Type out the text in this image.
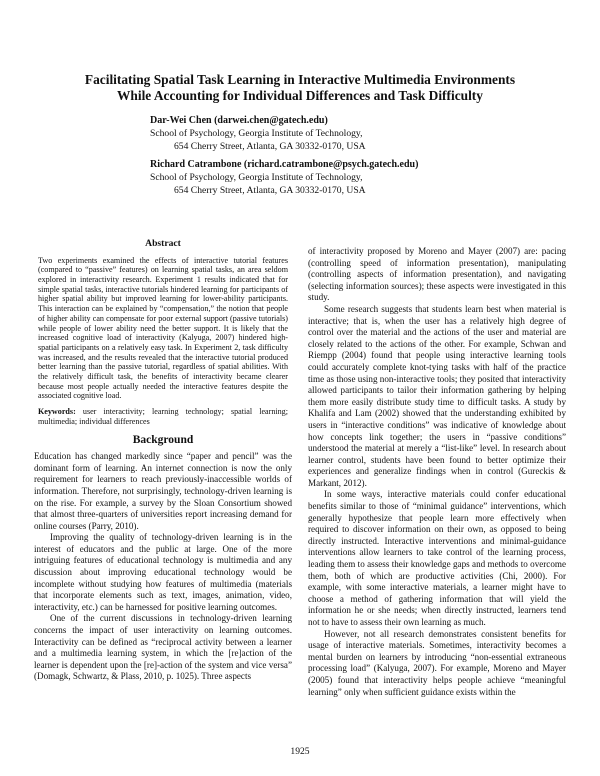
Facilitating Spatial Task Learning in Interactive Multimedia Environments
While Accounting for Individual Differences and Task Difficulty
Dar-Wei Chen (darwei.chen@gatech.edu)
School of Psychology, Georgia Institute of Technology,
654 Cherry Street, Atlanta, GA 30332-0170, USA
Richard Catrambone (richard.catrambone@psych.gatech.edu)
School of Psychology, Georgia Institute of Technology,
654 Cherry Street, Atlanta, GA 30332-0170, USA
Abstract

Two experiments examined the effects of interactive tutorial features (compared to “passive” features) on learning spatial tasks, an area seldom explored in interactivity research. Experiment 1 results indicated that for simple spatial tasks, interactive tutorials hindered learning for participants of higher spatial ability but improved learning for lower-ability participants. This interaction can be explained by “compensation,” the notion that people of higher ability can compensate for poor external support (passive tutorials) while people of lower ability need the better support. It is likely that the increased cognitive load of interactivity (Kalyuga, 2007) hindered high-spatial participants on a relatively easy task. In Experiment 2, task difficulty was increased, and the results revealed that the interactive tutorial produced better learning than the passive tutorial, regardless of spatial abilities. With the relatively difficult task, the benefits of interactivity became clearer because most people actually needed the interactive features despite the associated cognitive load.

Keywords: user interactivity; learning technology; spatial learning; multimedia; individual differences
Background

Education has changed markedly since “paper and pencil” was the dominant form of learning. An internet connection is now the only requirement for learners to reach previously-inaccessible worlds of information. Therefore, not surprisingly, technology-driven learning is on the rise. For example, a survey by the Sloan Consortium showed that almost three-quarters of universities report increasing demand for online courses (Parry, 2010).

Improving the quality of technology-driven learning is in the interest of educators and the public at large. One of the more intriguing features of educational technology is multimedia and any discussion about improving educational technology would be incomplete without studying how features of multimedia (materials that incorporate elements such as text, images, animation, video, interactivity, etc.) can be harnessed for positive learning outcomes.

One of the current discussions in technology-driven learning concerns the impact of user interactivity on learning outcomes. Interactivity can be defined as “reciprocal activity between a learner and a multimedia learning system, in which the [re]action of the learner is dependent upon the [re]-action of the system and vice versa” (Domagk, Schwartz, & Plass, 2010, p. 1025). Three aspects

of interactivity proposed by Moreno and Mayer (2007) are: pacing (controlling speed of information presentation), manipulating (controlling aspects of information presentation), and navigating (selecting information sources); these aspects were investigated in this study.

Some research suggests that students learn best when material is interactive; that is, when the user has a relatively high degree of control over the material and the actions of the user and material are closely related to the actions of the other. For example, Schwan and Riempp (2004) found that people using interactive learning tools could accurately complete knot-tying tasks with half of the practice time as those using non-interactive tools; they posited that interactivity allowed participants to tailor their information gathering by helping them more easily distribute study time to difficult tasks. A study by Khalifa and Lam (2002) showed that the understanding exhibited by users in “interactive conditions” was indicative of knowledge about how concepts link together; the users in “passive conditions” understood the material at merely a “list-like” level. In research about learner control, students have been found to better optimize their experiences and generalize findings when in control (Gureckis & Markant, 2012).

In some ways, interactive materials could confer educational benefits similar to those of “minimal guidance” interventions, which generally hypothesize that people learn more effectively when required to discover information on their own, as opposed to being directly instructed. Interactive interventions and minimal-guidance interventions allow learners to take control of the learning process, leading them to assess their knowledge gaps and methods to overcome them, both of which are productive activities (Chi, 2000). For example, with some interactive materials, a learner might have to choose a method of gathering information that will yield the information he or she needs; when directly instructed, learners tend not to have to assess their own learning as much.

However, not all research demonstrates consistent benefits for usage of interactive materials. Sometimes, interactivity becomes a mental burden on learners by introducing “non-essential extraneous processing load” (Kalyuga, 2007). For example, Moreno and Mayer (2005) found that interactivity helps people achieve “meaningful learning” only when sufficient guidance exists within the

1925
